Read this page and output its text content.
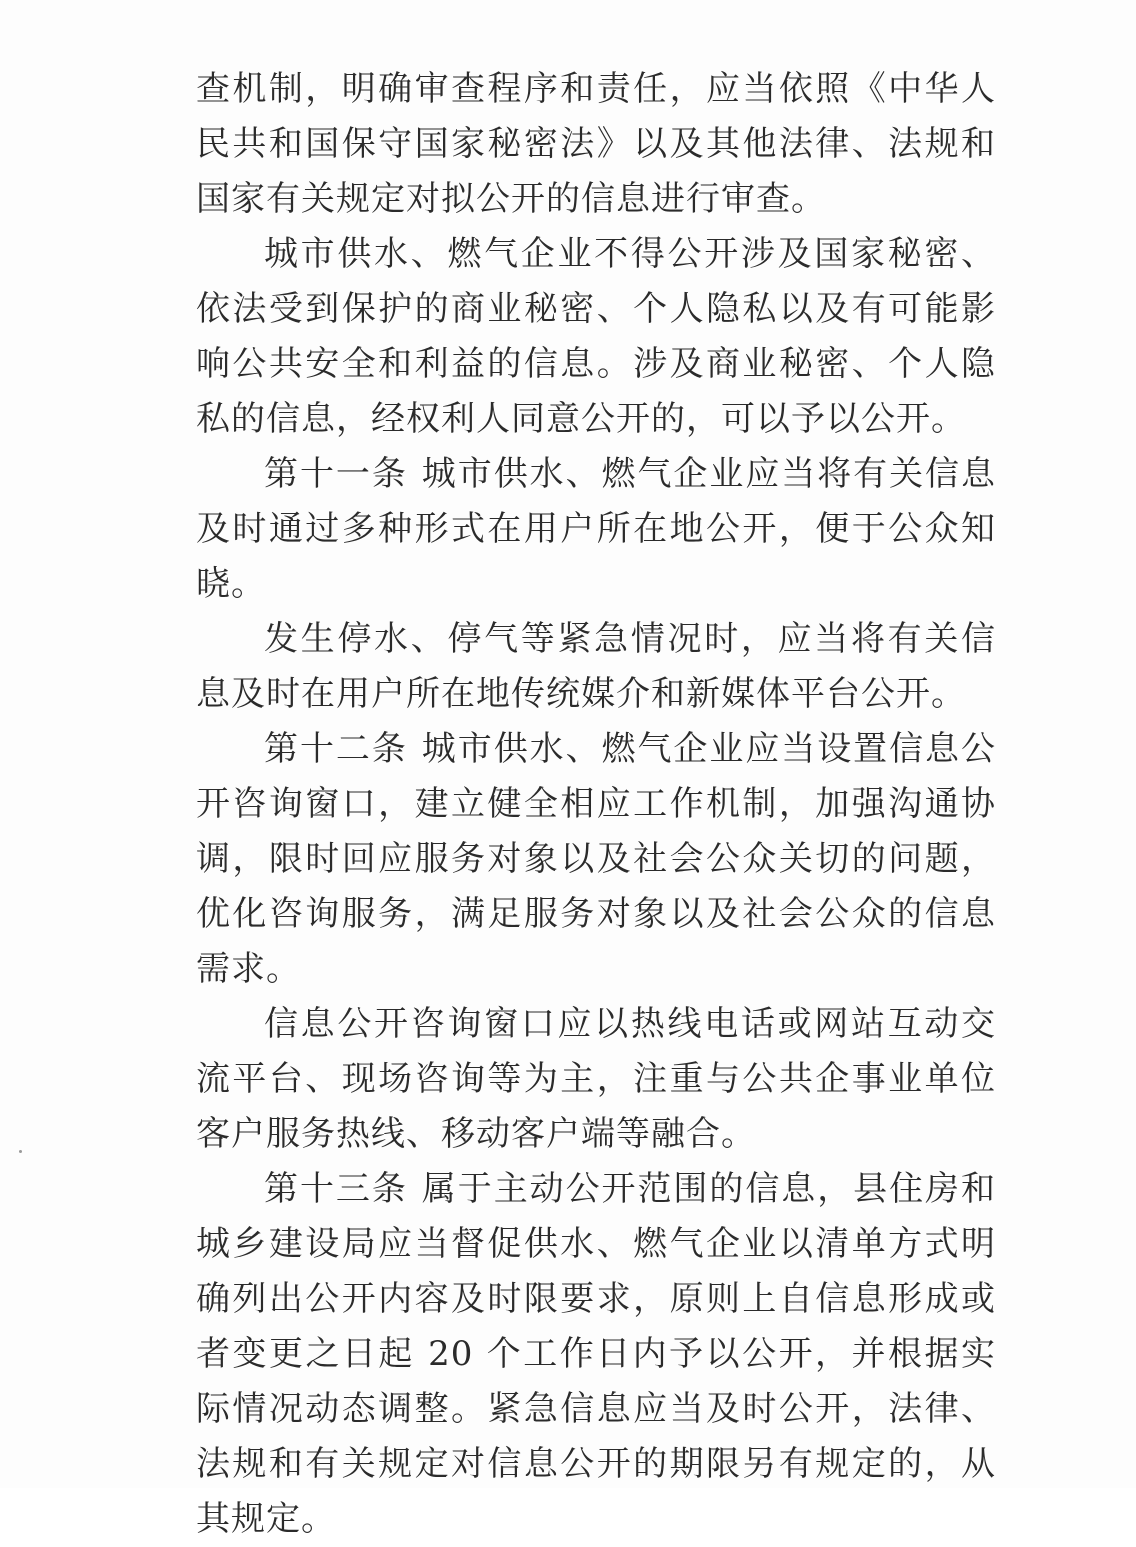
查机制，明确审查程序和责任，应当依照《中华人民共和国保守国家秘密法》以及其他法律、法规和国家有关规定对拟公开的信息进行审查。

城市供水、燃气企业不得公开涉及国家秘密、依法受到保护的商业秘密、个人隐私以及有可能影响公共安全和利益的信息。涉及商业秘密、个人隐私的信息，经权利人同意公开的，可以予以公开。

第十一条 城市供水、燃气企业应当将有关信息及时通过多种形式在用户所在地公开，便于公众知晓。

发生停水、停气等紧急情况时，应当将有关信息及时在用户所在地传统媒介和新媒体平台公开。

第十二条 城市供水、燃气企业应当设置信息公开咨询窗口，建立健全相应工作机制，加强沟通协调，限时回应服务对象以及社会公众关切的问题，优化咨询服务，满足服务对象以及社会公众的信息需求。

信息公开咨询窗口应以热线电话或网站互动交流平台、现场咨询等为主，注重与公共企事业单位客户服务热线、移动客户端等融合。

第十三条 属于主动公开范围的信息，县住房和城乡建设局应当督促供水、燃气企业以清单方式明确列出公开内容及时限要求，原则上自信息形成或者变更之日起 20 个工作日内予以公开，并根据实际情况动态调整。紧急信息应当及时公开，法律、法规和有关规定对信息公开的期限另有规定的，从其规定。
